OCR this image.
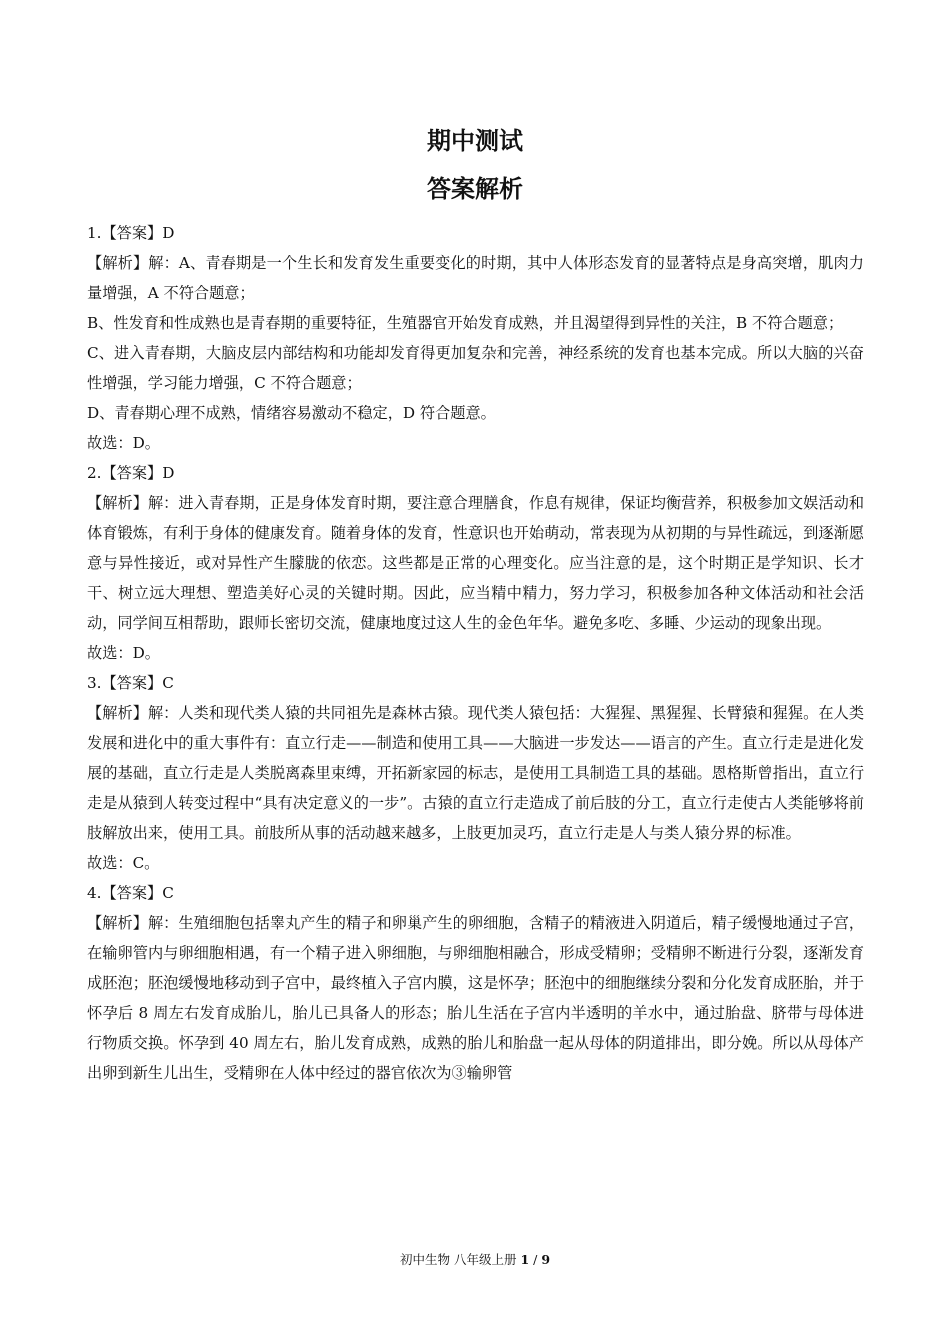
期中测试
答案解析

1.【答案】D

【解析】解：A、青春期是一个生长和发育发生重要变化的时期，其中人体形态发育的显著特点是身高突增，肌肉力量增强，A 不符合题意；

B、性发育和性成熟也是青春期的重要特征，生殖器官开始发育成熟，并且渴望得到异性的关注，B 不符合题意；

C、进入青春期，大脑皮层内部结构和功能却发育得更加复杂和完善，神经系统的发育也基本完成。所以大脑的兴奋性增强，学习能力增强，C 不符合题意；

D、青春期心理不成熟，情绪容易激动不稳定，D 符合题意。

故选：D。

2.【答案】D

【解析】解：进入青春期，正是身体发育时期，要注意合理膳食，作息有规律，保证均衡营养，积极参加文娱活动和体育锻炼，有利于身体的健康发育。随着身体的发育，性意识也开始萌动，常表现为从初期的与异性疏远，到逐渐愿意与异性接近，或对异性产生朦胧的依恋。这些都是正常的心理变化。应当注意的是，这个时期正是学知识、长才干、树立远大理想、塑造美好心灵的关键时期。因此，应当精中精力，努力学习，积极参加各种文体活动和社会活动，同学间互相帮助，跟师长密切交流，健康地度过这人生的金色年华。避免多吃、多睡、少运动的现象出现。

故选：D。

3.【答案】C

【解析】解：人类和现代类人猿的共同祖先是森林古猿。现代类人猿包括：大猩猩、黑猩猩、长臂猿和猩猩。在人类发展和进化中的重大事件有：直立行走——制造和使用工具——大脑进一步发达——语言的产生。直立行走是进化发展的基础，直立行走是人类脱离森里束缚，开拓新家园的标志，是使用工具制造工具的基础。恩格斯曾指出，直立行走是从猿到人转变过程中“具有决定意义的一步”。古猿的直立行走造成了前后肢的分工，直立行走使古人类能够将前肢解放出来，使用工具。前肢所从事的活动越来越多，上肢更加灵巧，直立行走是人与类人猿分界的标准。

故选：C。

4.【答案】C

【解析】解：生殖细胞包括睾丸产生的精子和卵巢产生的卵细胞，含精子的精液进入阴道后，精子缓慢地通过子宫，在输卵管内与卵细胞相遇，有一个精子进入卵细胞，与卵细胞相融合，形成受精卵；受精卵不断进行分裂，逐渐发育成胚泡；胚泡缓慢地移动到子宫中，最终植入子宫内膜，这是怀孕；胚泡中的细胞继续分裂和分化发育成胚胎，并于怀孕后 8 周左右发育成胎儿，胎儿已具备人的形态；胎儿生活在子宫内半透明的羊水中，通过胎盘、脐带与母体进行物质交换。怀孕到 40 周左右，胎儿发育成熟，成熟的胎儿和胎盘一起从母体的阴道排出，即分娩。所以从母体产出卵到新生儿出生，受精卵在人体中经过的器官依次为③输卵管

初中生物 八年级上册 1 / 9
